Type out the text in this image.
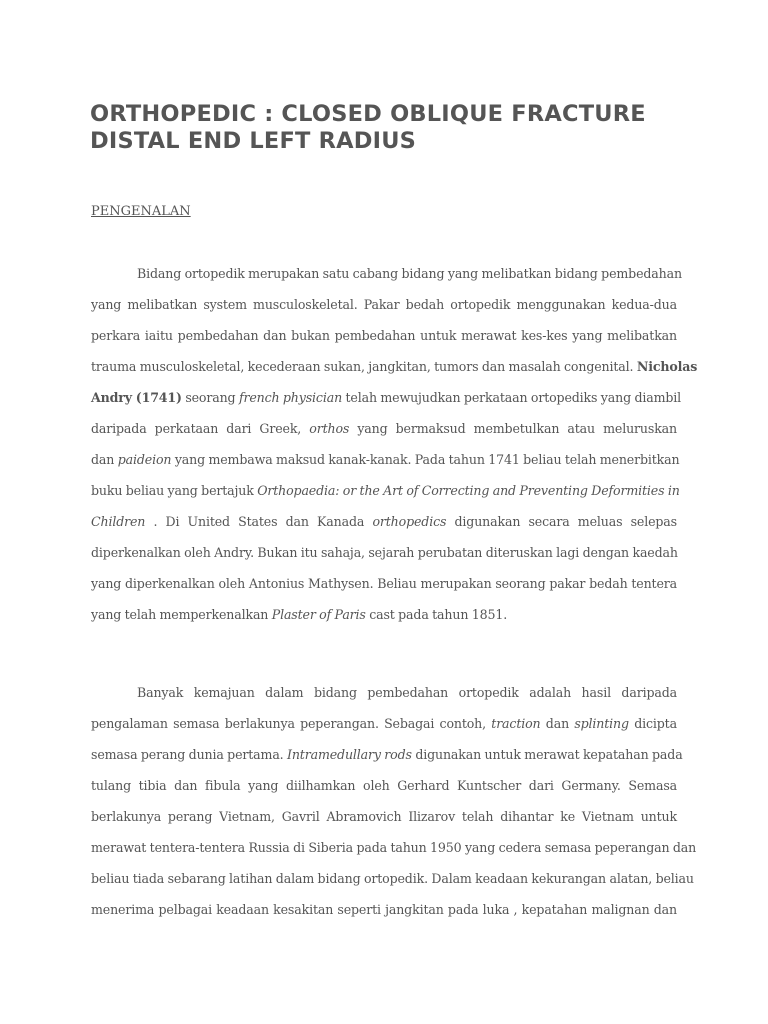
ORTHOPEDIC : CLOSED OBLIQUE FRACTURE
DISTAL END LEFT RADIUS
PENGENALAN
Bidang ortopedik merupakan satu cabang bidang yang melibatkan bidang pembedahan
yang melibatkan system musculoskeletal. Pakar bedah ortopedik menggunakan kedua-dua
perkara iaitu pembedahan dan bukan pembedahan untuk merawat kes-kes yang melibatkan
trauma musculoskeletal, kecederaan sukan, jangkitan, tumors dan masalah congenital. Nicholas
Andry (1741) seorang french physician telah mewujudkan perkataan ortopediks yang diambil
daripada perkataan dari Greek, orthos yang bermaksud membetulkan atau meluruskan
dan paideion yang membawa maksud kanak-kanak. Pada tahun 1741 beliau telah menerbitkan
buku beliau yang bertajuk Orthopaedia: or the Art of Correcting and Preventing Deformities in
Children . Di United States dan Kanada orthopedics digunakan secara meluas selepas
diperkenalkan oleh Andry. Bukan itu sahaja, sejarah perubatan diteruskan lagi dengan kaedah
yang diperkenalkan oleh Antonius Mathysen. Beliau merupakan seorang pakar bedah tentera
yang telah memperkenalkan Plaster of Paris cast pada tahun 1851.
Banyak kemajuan dalam bidang pembedahan ortopedik adalah hasil daripada
pengalaman semasa berlakunya peperangan. Sebagai contoh, traction dan splinting dicipta
semasa perang dunia pertama. Intramedullary rods digunakan untuk merawat kepatahan pada
tulang tibia dan fibula yang diilhamkan oleh Gerhard Kuntscher dari Germany. Semasa
berlakunya perang Vietnam, Gavril Abramovich Ilizarov telah dihantar ke Vietnam untuk
merawat tentera-tentera Russia di Siberia pada tahun 1950 yang cedera semasa peperangan dan
beliau tiada sebarang latihan dalam bidang ortopedik. Dalam keadaan kekurangan alatan, beliau
menerima pelbagai keadaan kesakitan seperti jangkitan pada luka , kepatahan malignan dan
